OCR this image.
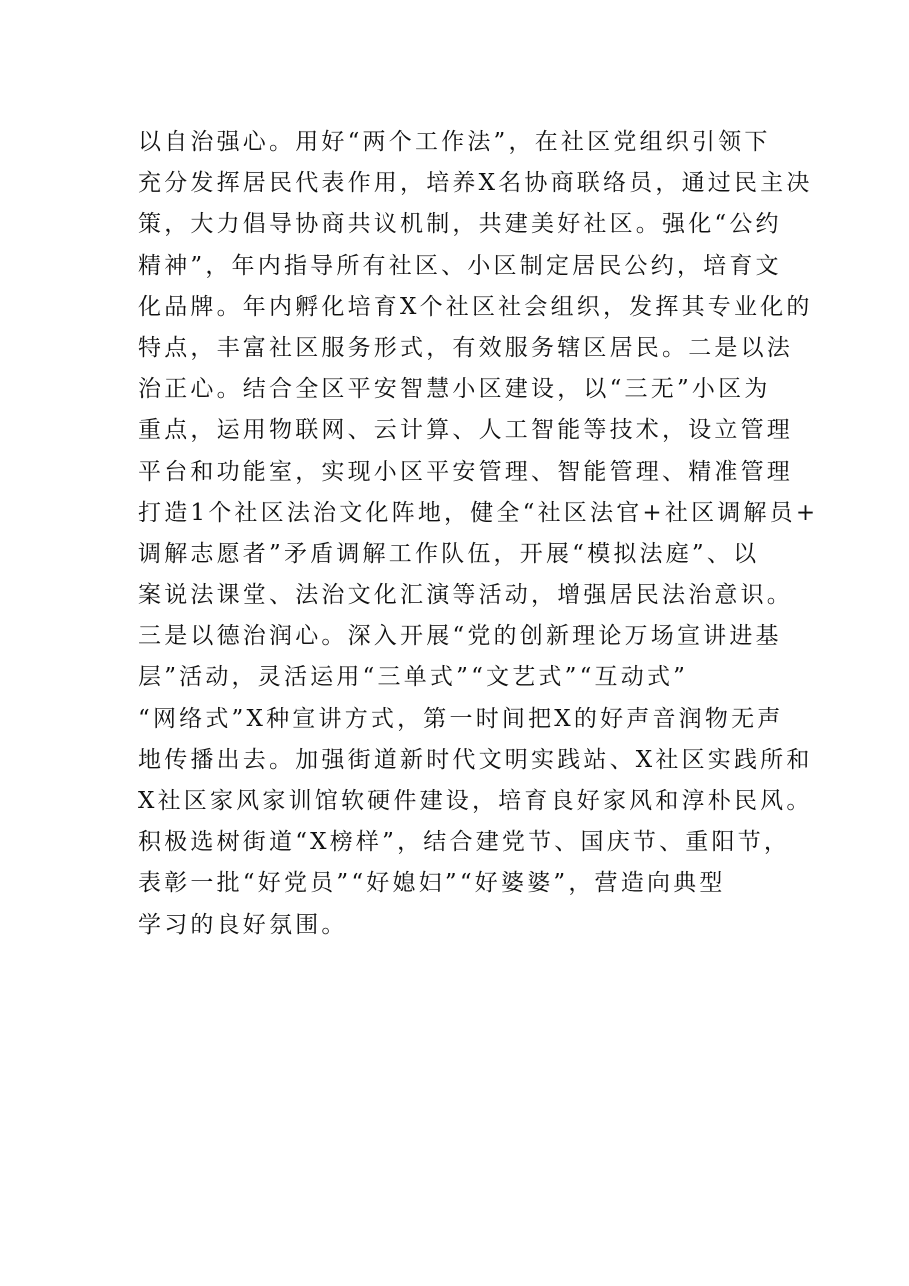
以自治强心。用好“两个工作法”，在社区党组织引领下
充分发挥居民代表作用，培养X名协商联络员，通过民主决
策，大力倡导协商共议机制，共建美好社区。强化“公约
精神”，年内指导所有社区、小区制定居民公约，培育文
化品牌。年内孵化培育X个社区社会组织，发挥其专业化的
特点，丰富社区服务形式，有效服务辖区居民。二是以法
治正心。结合全区平安智慧小区建设，以“三无”小区为
重点，运用物联网、云计算、人工智能等技术，设立管理
平台和功能室，实现小区平安管理、智能管理、精准管理
打造1个社区法治文化阵地，健全“社区法官+社区调解员+
调解志愿者”矛盾调解工作队伍，开展“模拟法庭”、以
案说法课堂、法治文化汇演等活动，增强居民法治意识。
三是以德治润心。深入开展“党的创新理论万场宣讲进基
层”活动，灵活运用“三单式”“文艺式”“互动式”
“网络式”X种宣讲方式，第一时间把X的好声音润物无声
地传播出去。加强街道新时代文明实践站、X社区实践所和
X社区家风家训馆软硬件建设，培育良好家风和淳朴民风。
积极选树街道“X榜样”，结合建党节、国庆节、重阳节，
表彰一批“好党员”“好媳妇”“好婆婆”，营造向典型
学习的良好氛围。
